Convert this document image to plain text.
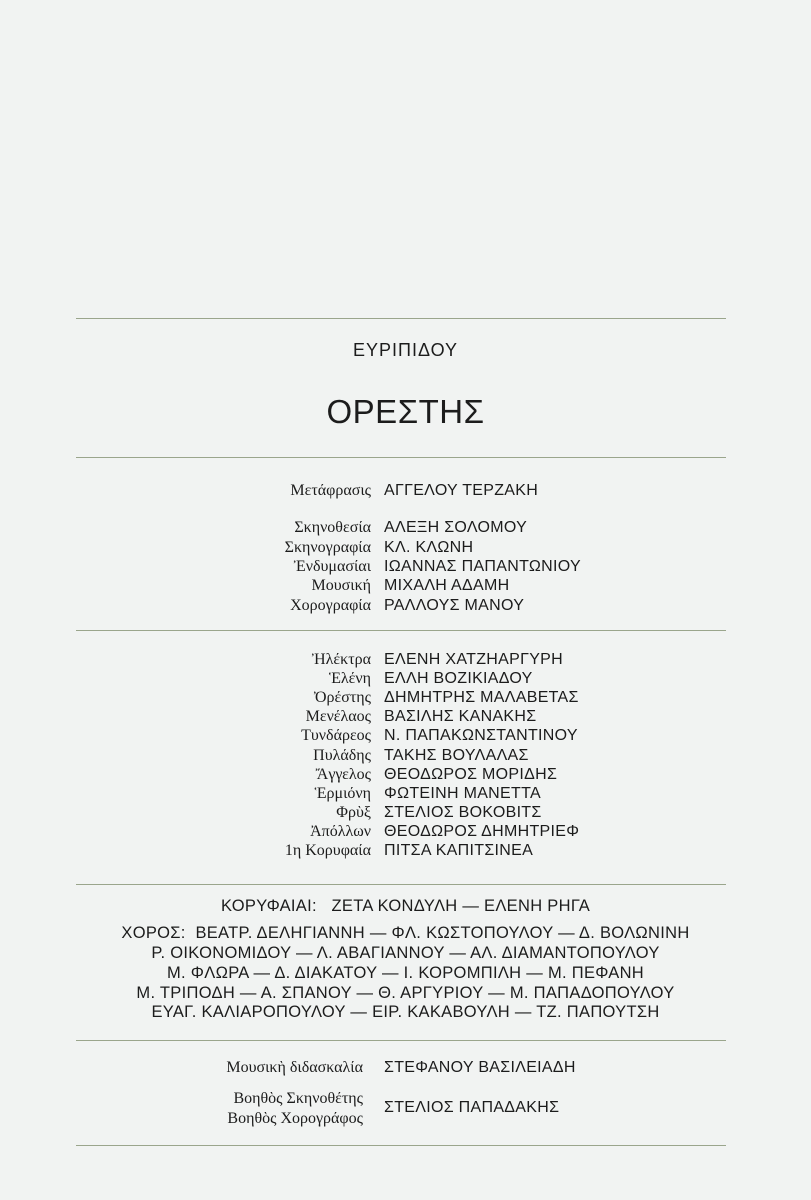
ΕΥΡΙΠΙΔΟΥ
ΟΡΕΣΤΗΣ
Μετάφρασις ΑΓΓΕΛΟΥ ΤΕΡΖΑΚΗ
Σκηνοθεσία ΑΛΕΞΗ ΣΟΛΟΜΟΥ
Σκηνογραφία ΚΛ. ΚΛΩΝΗ
Ἐνδυμασίαι ΙΩΑΝΝΑΣ ΠΑΠΑΝΤΩΝΙΟΥ
Μουσική ΜΙΧΑΛΗ ΑΔΑΜΗ
Χορογραφία ΡΑΛΛΟΥΣ ΜΑΝΟΥ
Ἠλέκτρα ΕΛΕΝΗ ΧΑΤΖΗΑΡΓΥΡΗ
Ἑλένη ΕΛΛΗ ΒΟΖΙΚΙΑΔΟΥ
Ὀρέστης ΔΗΜΗΤΡΗΣ ΜΑΛΑΒΕΤΑΣ
Μενέλαος ΒΑΣΙΛΗΣ ΚΑΝΑΚΗΣ
Τυνδάρεος Ν. ΠΑΠΑΚΩΝΣΤΑΝΤΙΝΟΥ
Πυλάδης ΤΑΚΗΣ ΒΟΥΛΑΛΑΣ
Ἄγγελος ΘΕΟΔΩΡΟΣ ΜΟΡΙΔΗΣ
Ἑρμιόνη ΦΩΤΕΙΝΗ ΜΑΝΕΤΤΑ
Φρὺξ ΣΤΕΛΙΟΣ ΒΟΚΟΒΙΤΣ
Ἀπόλλων ΘΕΟΔΩΡΟΣ ΔΗΜΗΤΡΙΕΦ
1η Κορυφαία ΠΙΤΣΑ ΚΑΠΙΤΣΙΝΕΑ
ΚΟΡΥΦΑΙΑΙ:   ΖΕΤΑ ΚΟΝΔΥΛΗ — ΕΛΕΝΗ ΡΗΓΑ
ΧΟΡΟΣ:  ΒΕΑΤΡ. ΔΕΛΗΓΙΑΝΝΗ — ΦΛ. ΚΩΣΤΟΠΟΥΛΟΥ — Δ. ΒΟΛΩΝΙΝΗ
Ρ. ΟΙΚΟΝΟΜΙΔΟΥ — Λ. ΑΒΑΓΙΑΝΝΟΥ — ΑΛ. ΔΙΑΜΑΝΤΟΠΟΥΛΟΥ
Μ. ΦΛΩΡΑ — Δ. ΔΙΑΚΑΤΟΥ — Ι. ΚΟΡΟΜΠΙΛΗ — Μ. ΠΕΦΑΝΗ
Μ. ΤΡΙΠΟΔΗ — Α. ΣΠΑΝΟΥ — Θ. ΑΡΓΥΡΙΟΥ — Μ. ΠΑΠΑΔΟΠΟΥΛΟΥ
ΕΥΑΓ. ΚΑΛΙΑΡΟΠΟΥΛΟΥ — ΕΙΡ. ΚΑΚΑΒΟΥΛΗ — ΤΖ. ΠΑΠΟΥΤΣΗ
Μουσικὴ διδασκαλία ΣΤΕΦΑΝΟΥ ΒΑΣΙΛΕΙΑΔΗ
Βοηθὸς Σκηνοθέτης
Βοηθὸς Χορογράφος
ΣΤΕΛΙΟΣ ΠΑΠΑΔΑΚΗΣ
